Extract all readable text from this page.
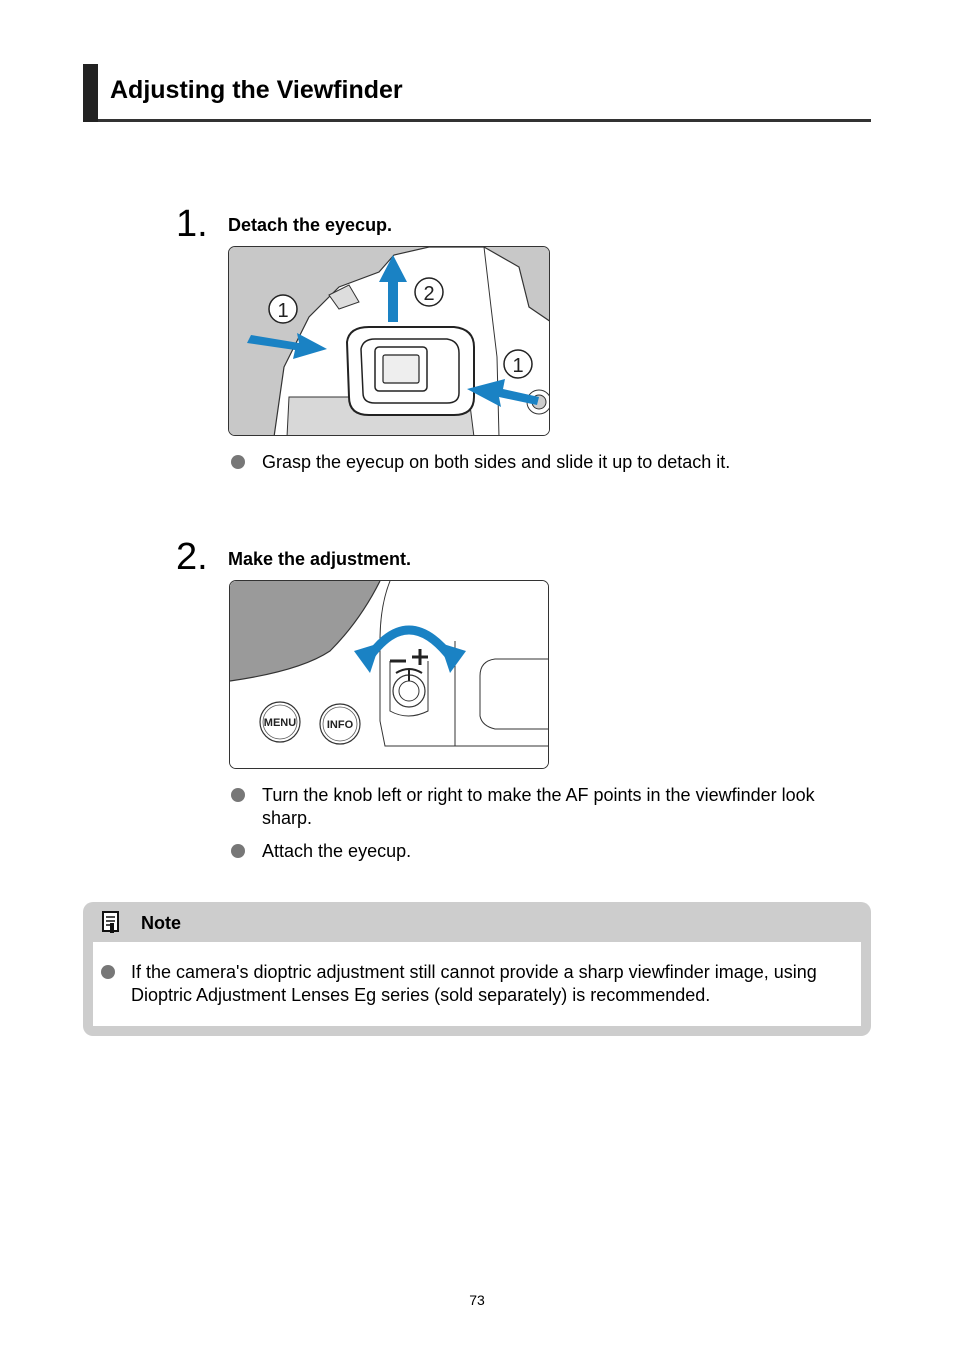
Adjusting the Viewfinder
1. Detach the eyecup.
1
2
1
Grasp the eyecup on both sides and slide it up to detach it.
2. Make the adjustment.
MENU	INFO
Turn the knob left or right to make the AF points in the viewfinder look sharp.
Attach the eyecup.
Note
If the camera's dioptric adjustment still cannot provide a sharp viewfinder image, using Dioptric Adjustment Lenses Eg series (sold separately) is recommended.
73
